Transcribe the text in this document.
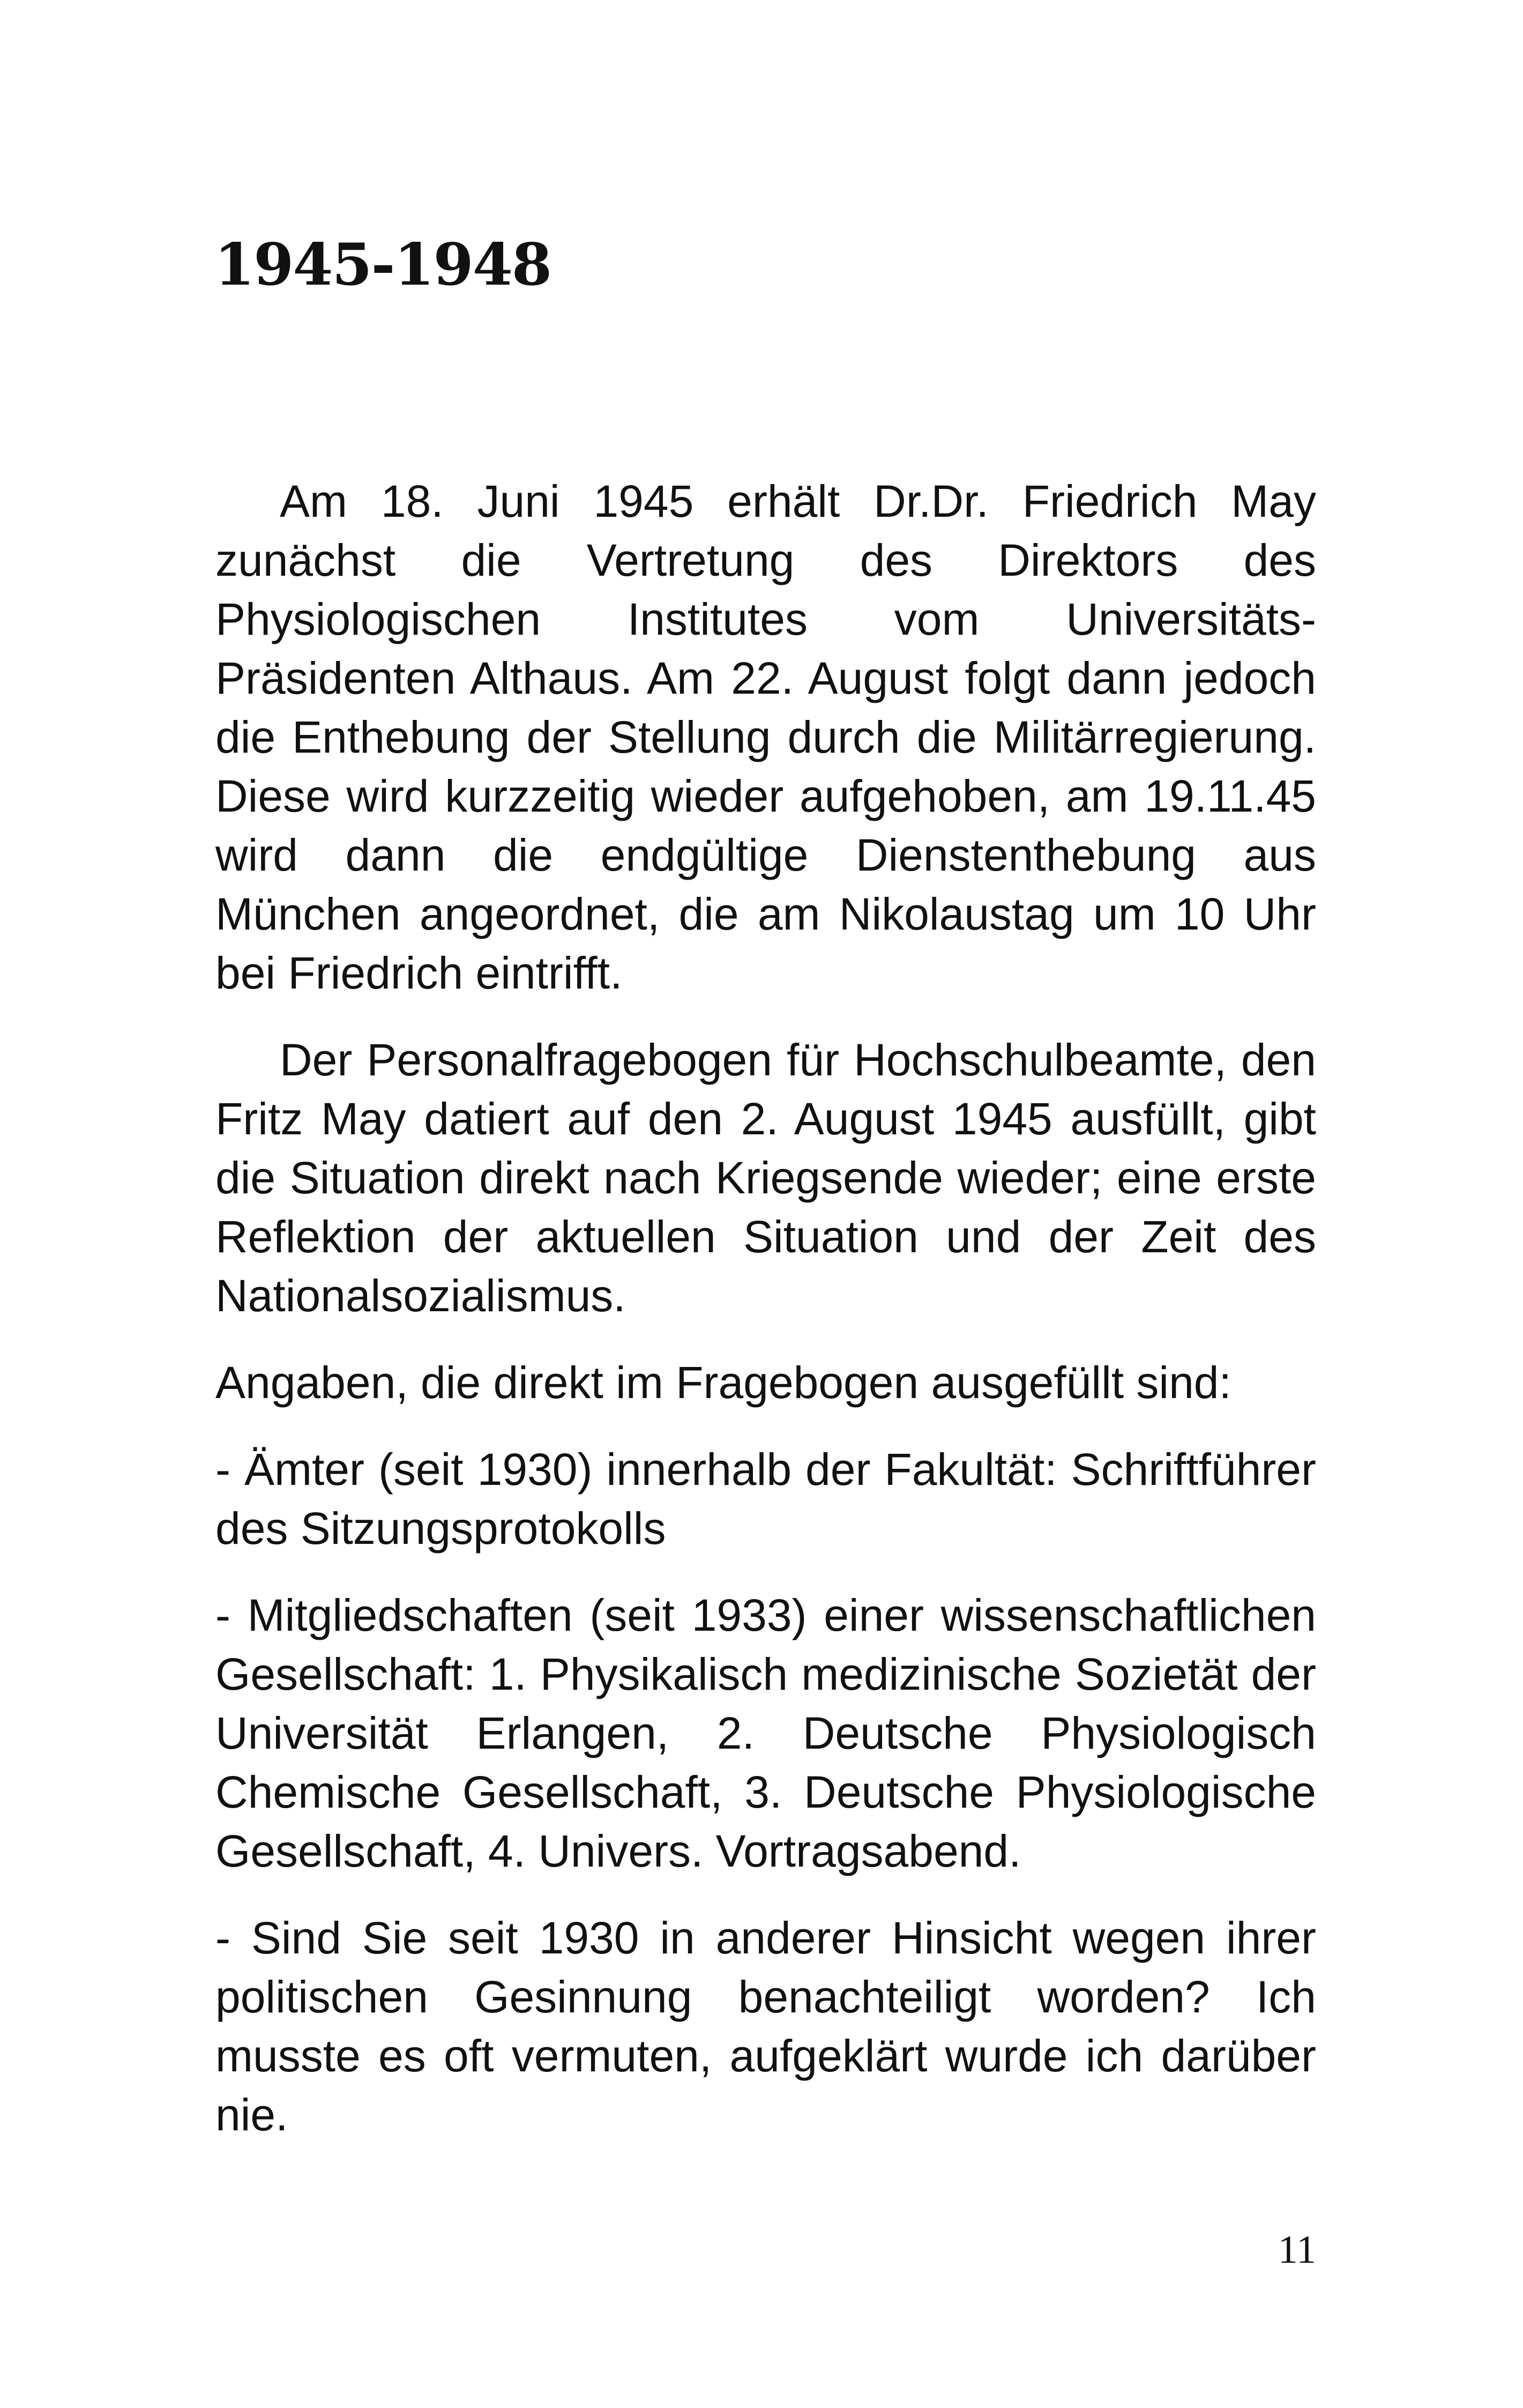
1945-1948

Am 18. Juni 1945 erhält Dr.Dr. Friedrich May zunächst die Vertretung des Direktors des Physiologischen Institutes vom Universitäts-Präsidenten Althaus. Am 22. August folgt dann jedoch die Enthebung der Stellung durch die Militärregierung. Diese wird kurzzeitig wieder aufgehoben, am 19.11.45 wird dann die endgültige Dienstenthebung aus München angeordnet, die am Nikolaustag um 10 Uhr bei Friedrich eintrifft.

Der Personalfragebogen für Hochschulbeamte, den Fritz May datiert auf den 2. August 1945 ausfüllt, gibt die Situation direkt nach Kriegsende wieder; eine erste Reflektion der aktuellen Situation und der Zeit des Nationalsozialismus.

Angaben, die direkt im Fragebogen ausgefüllt sind:

- Ämter (seit 1930) innerhalb der Fakultät: Schriftführer des Sitzungsprotokolls

- Mitgliedschaften (seit 1933) einer wissenschaftlichen Gesellschaft: 1. Physikalisch medizinische Sozietät der Universität Erlangen, 2. Deutsche Physiologisch Chemische Gesellschaft, 3. Deutsche Physiologische Gesellschaft, 4. Univers. Vortragsabend.

- Sind Sie seit 1930 in anderer Hinsicht wegen ihrer politischen Gesinnung benachteiligt worden? Ich musste es oft vermuten, aufgeklärt wurde ich darüber nie.

11
